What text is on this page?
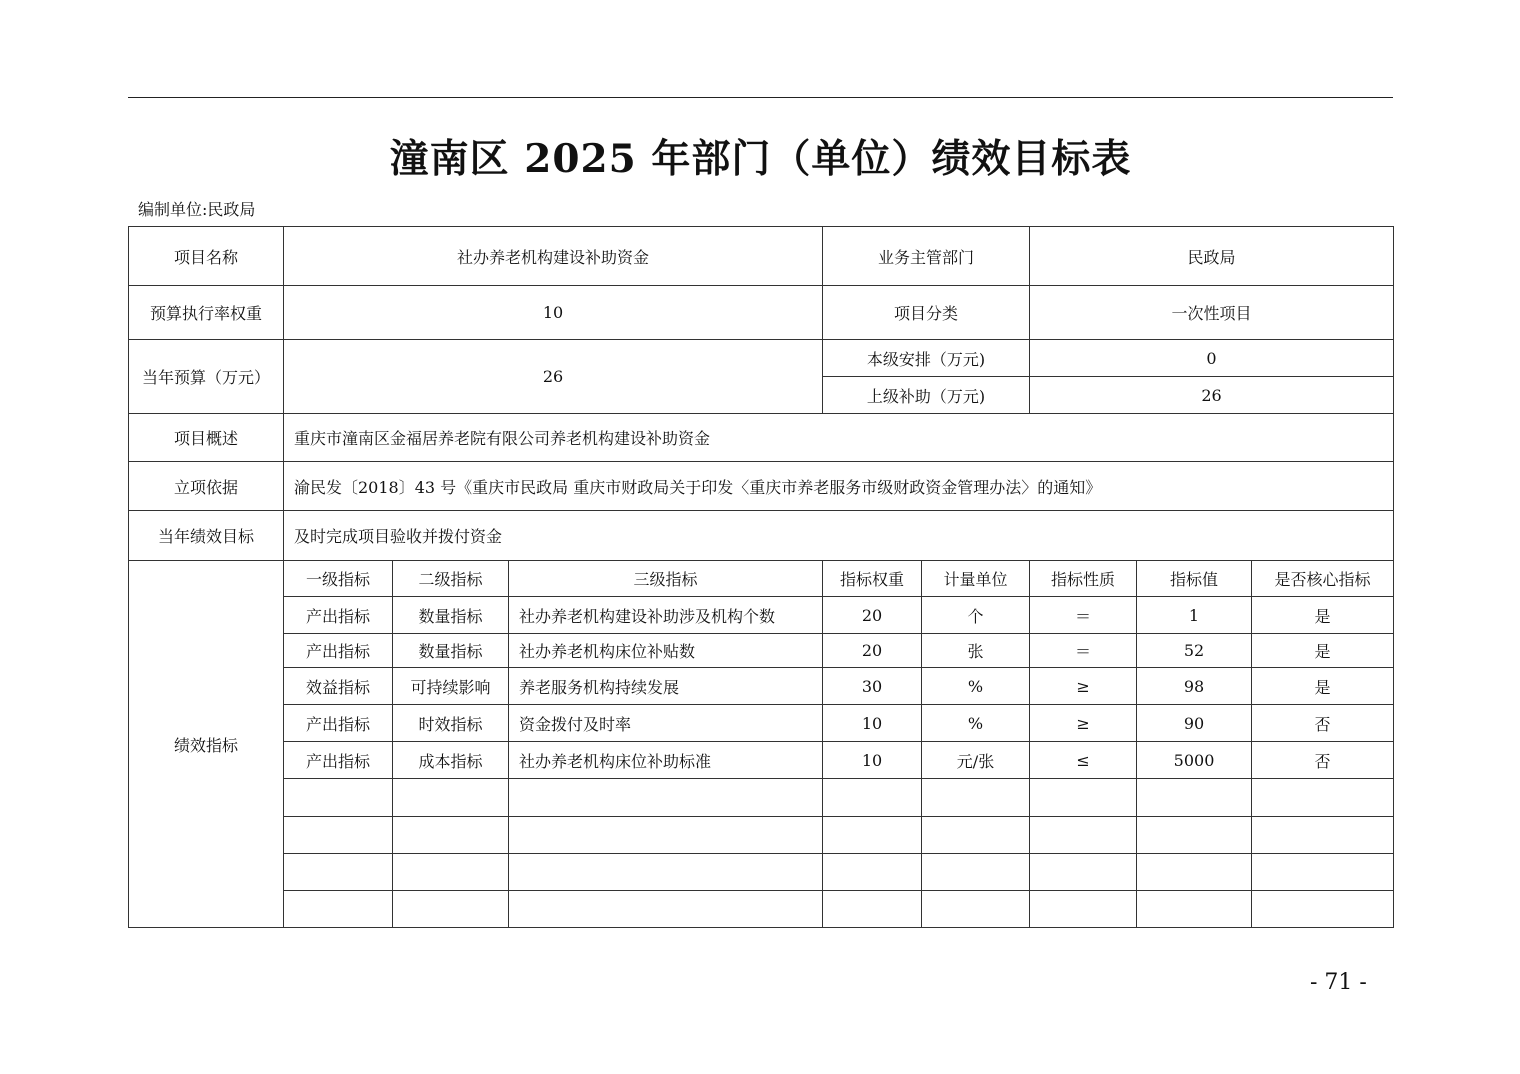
潼南区 2025 年部门（单位）绩效目标表
编制单位:民政局
项目名称	社办养老机构建设补助资金			业务主管部门		民政局		
预算执行率权重	10			项目分类		一次性项目		
当年预算（万元）	26			本级安排（万元)		0		
				上级补助（万元)		26		
项目概述	重庆市潼南区金福居养老院有限公司养老机构建设补助资金							
立项依据	渝民发〔2018〕43 号《重庆市民政局 重庆市财政局关于印发〈重庆市养老服务市级财政资金管理办法〉的通知》							
当年绩效目标	及时完成项目验收并拨付资金							
绩效指标	一级指标	二级指标	三级指标	指标权重	计量单位	指标性质	指标值	是否核心指标
	产出指标	数量指标	社办养老机构建设补助涉及机构个数	20	个	＝	1	是
	产出指标	数量指标	社办养老机构床位补贴数	20	张	＝	52	是
	效益指标	可持续影响	养老服务机构持续发展	30	%	≥	98	是
	产出指标	时效指标	资金拨付及时率	10	%	≥	90	否
	产出指标	成本指标	社办养老机构床位补助标准	10	元/张	≤	5000	否

- 71 -
